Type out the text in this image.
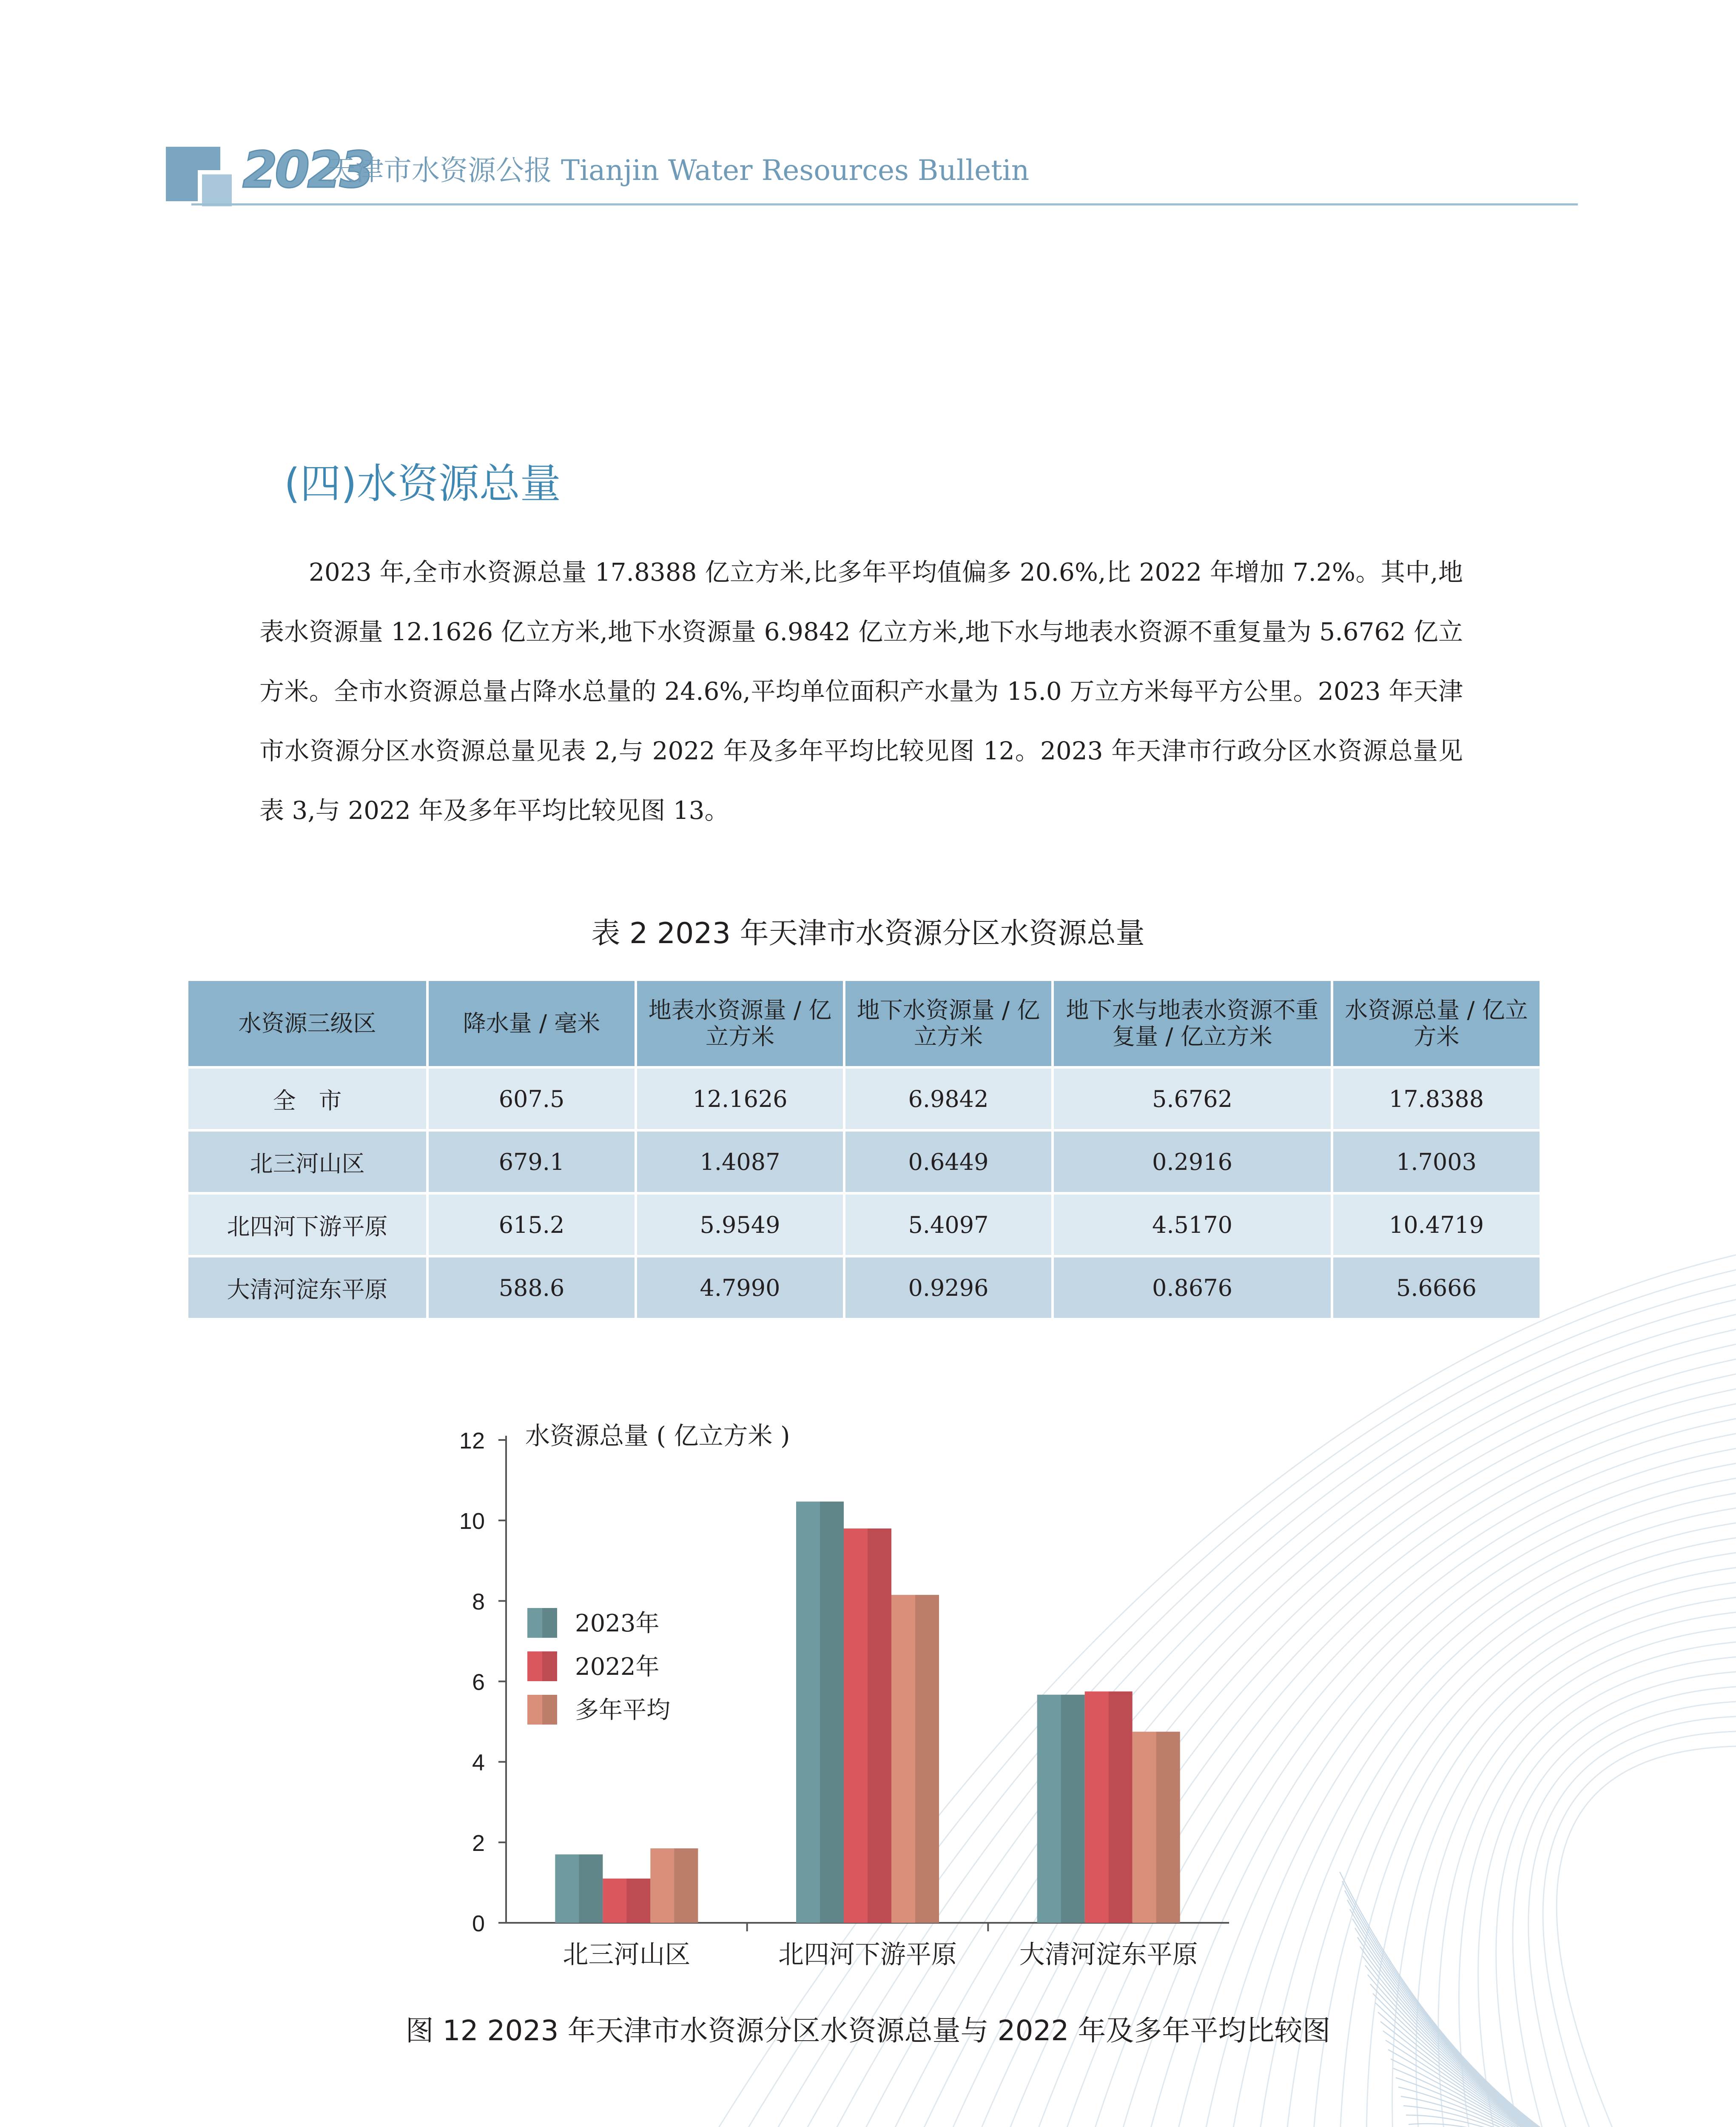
2023
天津市水资源公报 Tianjin Water Resources Bulletin
(四)水资源总量

2023 年,全市水资源总量 17.8388 亿立方米,比多年平均值偏多 20.6%,比 2022 年增加 7.2%。其中,地表水资源量 12.1626 亿立方米,地下水资源量 6.9842 亿立方米,地下水与地表水资源不重复量为 5.6762 亿立方米。全市水资源总量占降水总量的 24.6%,平均单位面积产水量为 15.0 万立方米每平方公里。2023 年天津市水资源分区水资源总量见表 2,与 2022 年及多年平均比较见图 12。2023 年天津市行政分区水资源总量见表 3,与 2022 年及多年平均比较见图 13。

表 2 2023 年天津市水资源分区水资源总量
水资源三级区	降水量 / 毫米	地表水资源量 / 亿立方米	地下水资源量 / 亿立方米	地下水与地表水资源不重复量 / 亿立方米	水资源总量 / 亿立方米
全　市	607.5	12.1626	6.9842	5.6762	17.8388
北三河山区	679.1	1.4087	0.6449	0.2916	1.7003
北四河下游平原	615.2	5.9549	5.4097	4.5170	10.4719
大清河淀东平原	588.6	4.7990	0.9296	0.8676	5.6666
0
2
4
6
8
10
12 水资源总量 ( 亿立方米 )
北三河山区	北四河下游平原 大清河淀东平原
2023年
2022年
多年平均
图 12 2023 年天津市水资源分区水资源总量与 2022 年及多年平均比较图
